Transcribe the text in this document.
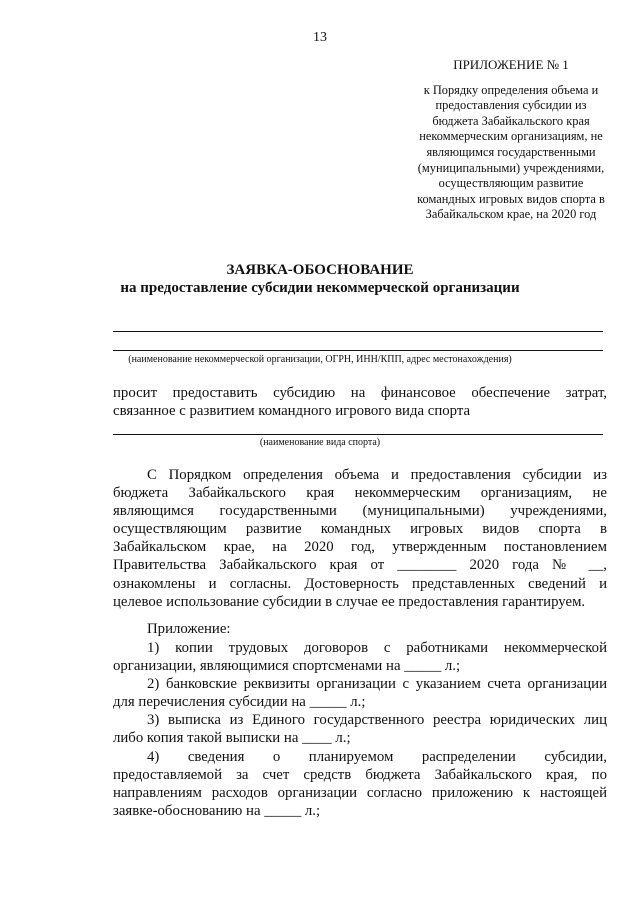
13
ПРИЛОЖЕНИЕ № 1
к Порядку определения объема и
предоставления субсидии из
бюджета Забайкальского края
некоммерческим организациям, не
являющимся государственными
(муниципальными) учреждениями,
осуществляющим развитие
командных игровых видов спорта в
Забайкальском крае, на 2020 год
ЗАЯВКА-ОБОСНОВАНИЕ
на предоставление субсидии некоммерческой организации
(наименование некоммерческой организации, ОГРН, ИНН/КПП, адрес местонахождения)
просит предоставить субсидию на финансовое обеспечение затрат,
связанное с развитием командного игрового вида спорта
(наименование вида спорта)
С Порядком определения объема и предоставления субсидии из
бюджета Забайкальского края некоммерческим организациям, не
являющимся государственными (муниципальными) учреждениями,
осуществляющим развитие командных игровых видов спорта в
Забайкальском крае, на 2020 год, утвержденным постановлением
Правительства Забайкальского края от ________ 2020 года № __,
ознакомлены и согласны. Достоверность представленных сведений и
целевое использование субсидии в случае ее предоставления гарантируем.
Приложение:
1) копии трудовых договоров с работниками некоммерческой
организации, являющимися спортсменами на _____ л.;
2) банковские реквизиты организации с указанием счета организации
для перечисления субсидии на _____ л.;
3) выписка из Единого государственного реестра юридических лиц
либо копия такой выписки на ____ л.;
4) сведения о планируемом распределении субсидии,
предоставляемой за счет средств бюджета Забайкальского края, по
направлениям расходов организации согласно приложению к настоящей
заявке-обоснованию на _____ л.;
